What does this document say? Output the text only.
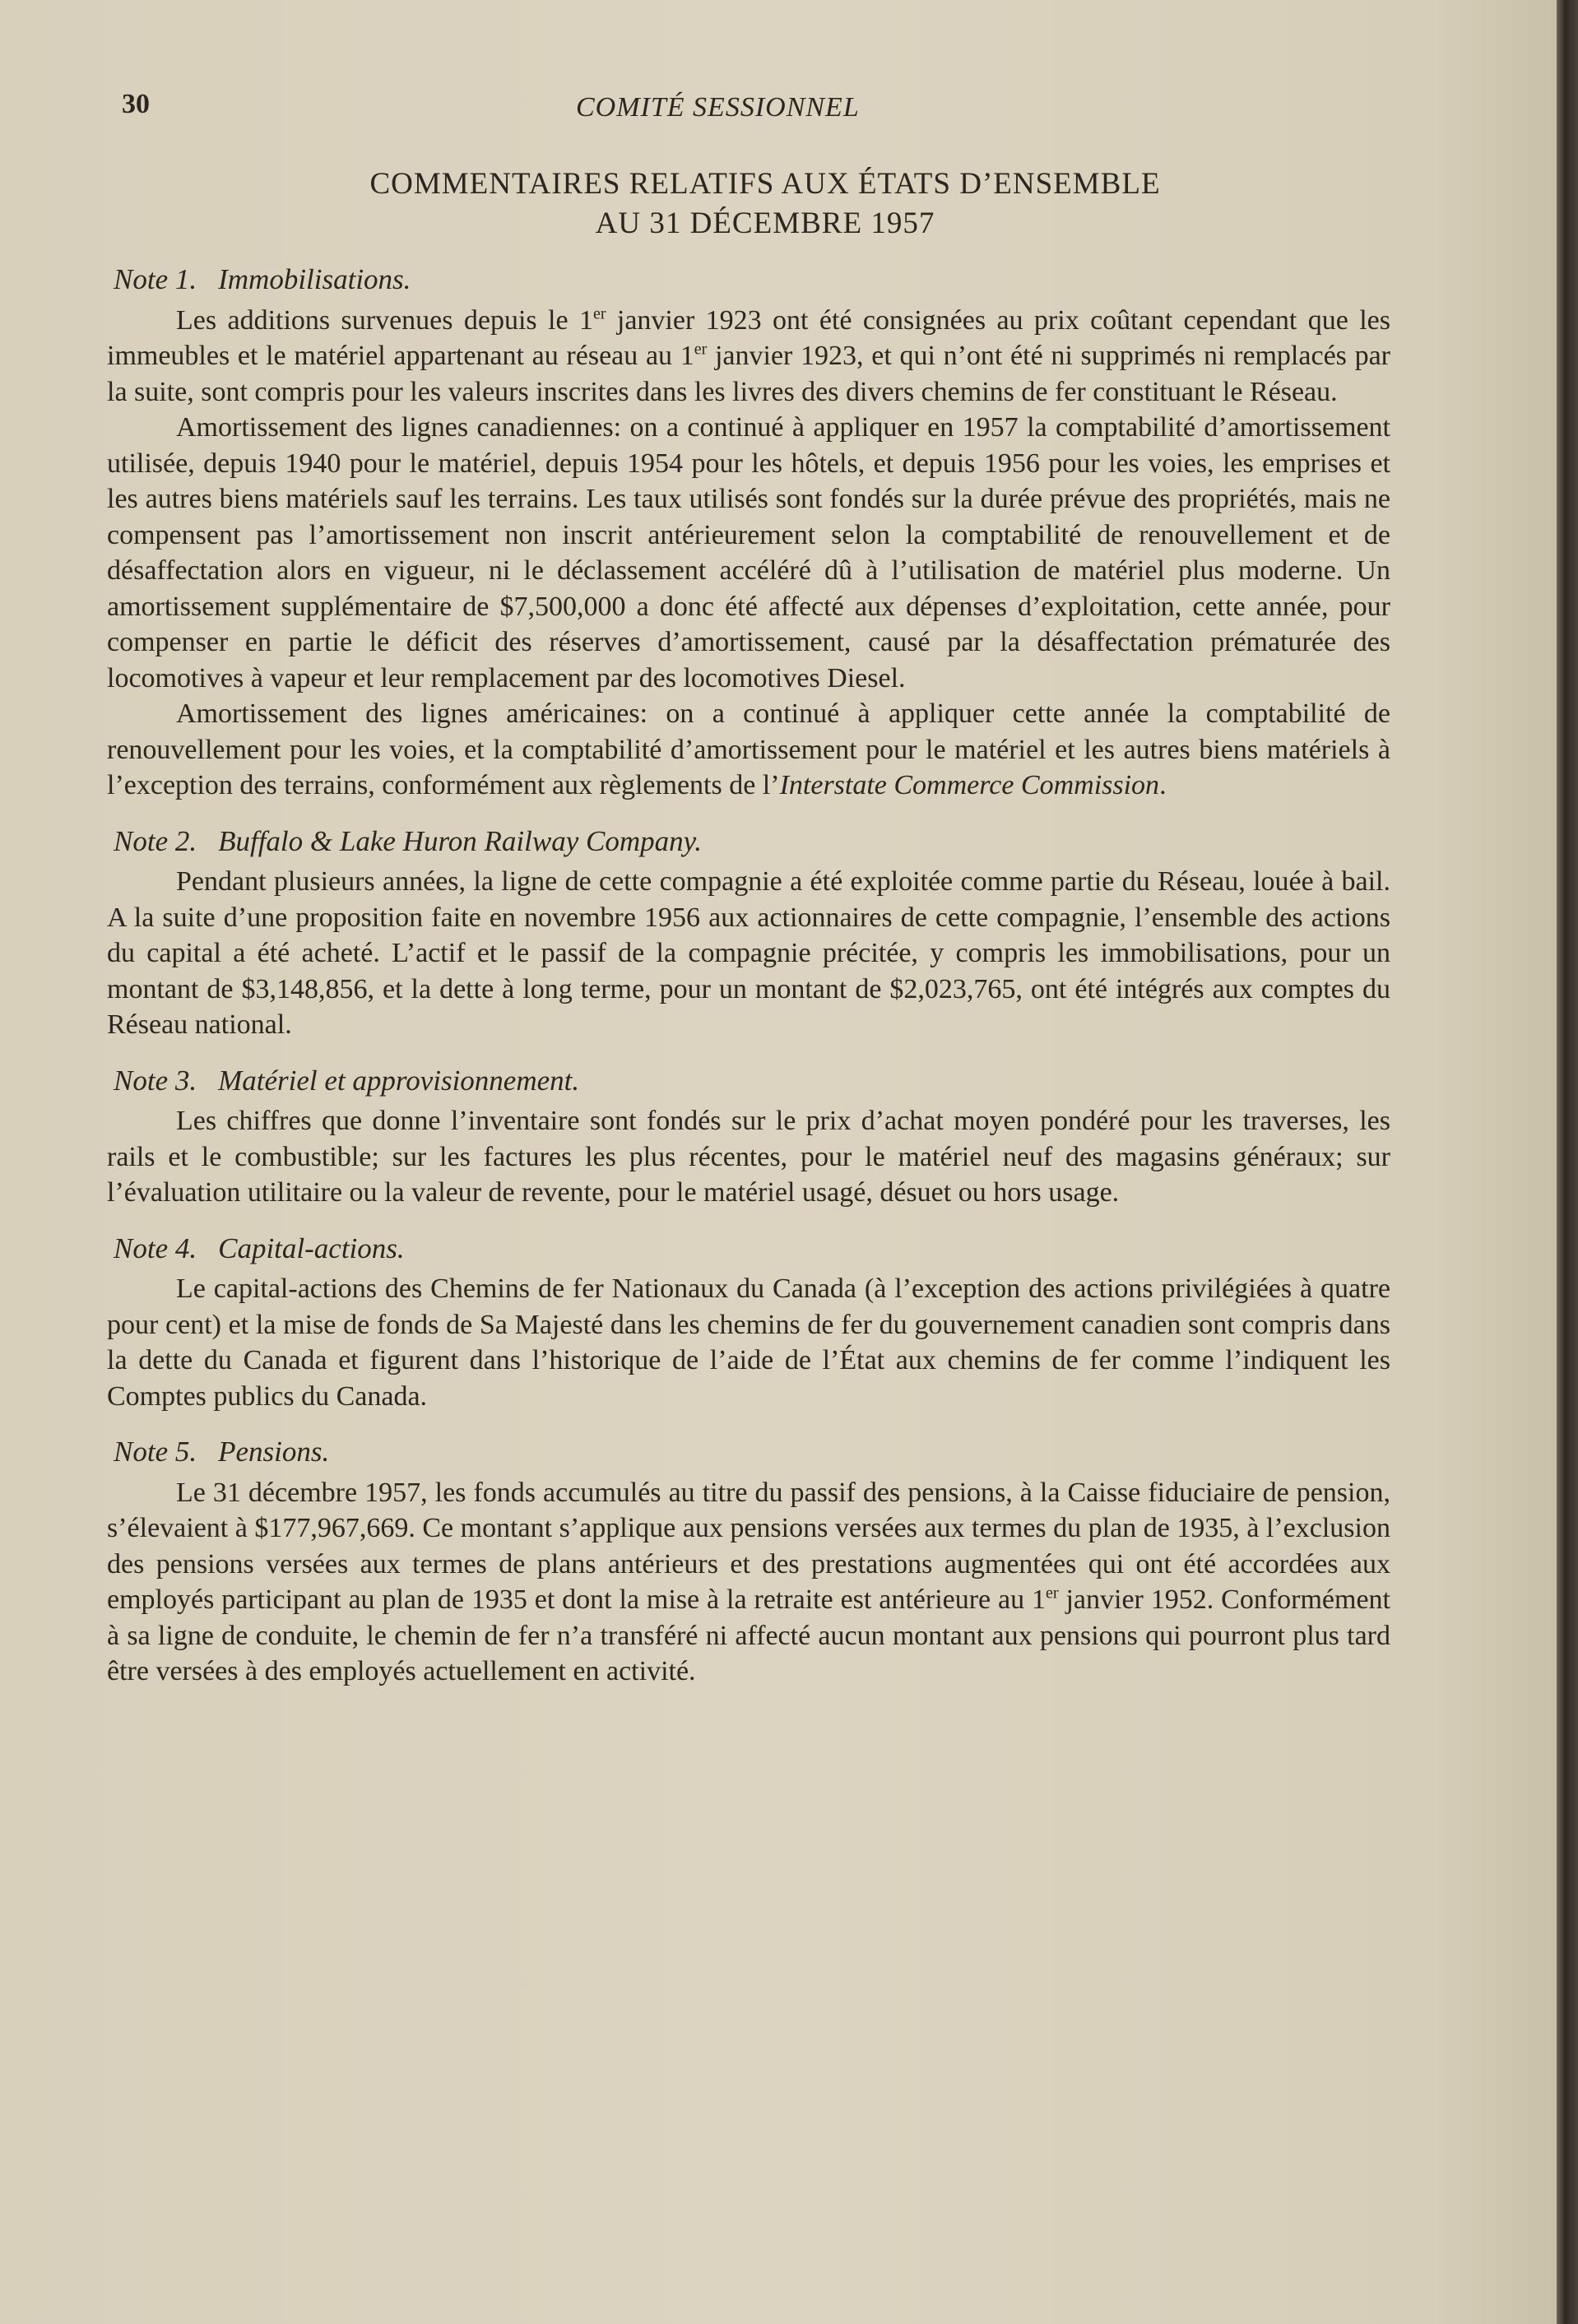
30	COMITÉ SESSIONNEL
COMMENTAIRES RELATIFS AUX ÉTATS D’ENSEMBLE
AU 31 DÉCEMBRE 1957
Note 1. Immobilisations.

Les additions survenues depuis le 1er janvier 1923 ont été consignées au prix coûtant cependant que les immeubles et le matériel appartenant au réseau au 1er janvier 1923, et qui n’ont été ni supprimés ni remplacés par la suite, sont compris pour les valeurs inscrites dans les livres des divers chemins de fer constituant le Réseau.

Amortissement des lignes canadiennes: on a continué à appliquer en 1957 la comptabilité d’amortissement utilisée, depuis 1940 pour le matériel, depuis 1954 pour les hôtels, et depuis 1956 pour les voies, les emprises et les autres biens matériels sauf les terrains. Les taux utilisés sont fondés sur la durée prévue des propriétés, mais ne compensent pas l’amortissement non inscrit antérieurement selon la comptabilité de renouvellement et de désaffectation alors en vigueur, ni le déclassement accéléré dû à l’utilisation de matériel plus moderne. Un amortissement supplémentaire de $7,500,000 a donc été affecté aux dépenses d’exploitation, cette année, pour compenser en partie le déficit des réserves d’amortissement, causé par la désaffectation prématurée des locomotives à vapeur et leur remplacement par des locomotives Diesel.

Amortissement des lignes américaines: on a continué à appliquer cette année la comptabilité de renouvellement pour les voies, et la comptabilité d’amortissement pour le matériel et les autres biens matériels à l’exception des terrains, conformément aux règlements de l’Interstate Commerce Commission.

Note 2. Buffalo & Lake Huron Railway Company.

Pendant plusieurs années, la ligne de cette compagnie a été exploitée comme partie du Réseau, louée à bail. A la suite d’une proposition faite en novembre 1956 aux actionnaires de cette compagnie, l’ensemble des actions du capital a été acheté. L’actif et le passif de la compagnie précitée, y compris les immobilisations, pour un montant de $3,148,856, et la dette à long terme, pour un montant de $2,023,765, ont été intégrés aux comptes du Réseau national.

Note 3. Matériel et approvisionnement.

Les chiffres que donne l’inventaire sont fondés sur le prix d’achat moyen pondéré pour les traverses, les rails et le combustible; sur les factures les plus récentes, pour le matériel neuf des magasins généraux; sur l’évaluation utilitaire ou la valeur de revente, pour le matériel usagé, désuet ou hors usage.

Note 4. Capital-actions.

Le capital-actions des Chemins de fer Nationaux du Canada (à l’exception des actions privilégiées à quatre pour cent) et la mise de fonds de Sa Majesté dans les chemins de fer du gouvernement canadien sont compris dans la dette du Canada et figurent dans l’historique de l’aide de l’État aux chemins de fer comme l’indiquent les Comptes publics du Canada.

Note 5. Pensions.

Le 31 décembre 1957, les fonds accumulés au titre du passif des pensions, à la Caisse fiduciaire de pension, s’élevaient à $177,967,669. Ce montant s’applique aux pensions versées aux termes du plan de 1935, à l’exclusion des pensions versées aux termes de plans antérieurs et des prestations augmentées qui ont été accordées aux employés participant au plan de 1935 et dont la mise à la retraite est antérieure au 1er janvier 1952. Conformément à sa ligne de conduite, le chemin de fer n’a transféré ni affecté aucun montant aux pensions qui pourront plus tard être versées à des employés actuellement en activité.
